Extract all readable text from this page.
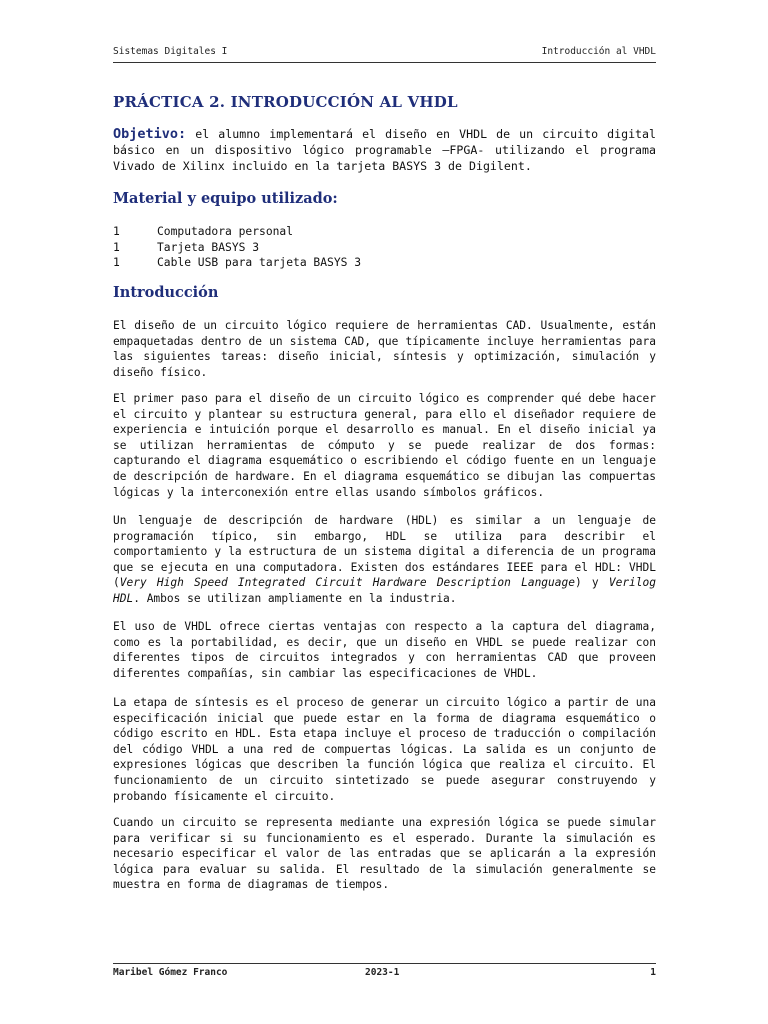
Sistemas Digitales I	Introducción al VHDL
PRÁCTICA 2. INTRODUCCIÓN AL VHDL
Objetivo: el alumno implementará el diseño en VHDL de un circuito digital básico en un dispositivo lógico programable –FPGA- utilizando el programa Vivado de Xilinx incluido en la tarjeta BASYS 3 de Digilent.
Material y equipo utilizado:
1	Computadora personal
1	Tarjeta BASYS 3
1	Cable USB para tarjeta BASYS 3
Introducción

El diseño de un circuito lógico requiere de herramientas CAD. Usualmente, están empaquetadas dentro de un sistema CAD, que típicamente incluye herramientas para las siguientes tareas: diseño inicial, síntesis y optimización, simulación y diseño físico.

El primer paso para el diseño de un circuito lógico es comprender qué debe hacer el circuito y plantear su estructura general, para ello el diseñador requiere de experiencia e intuición porque el desarrollo es manual. En el diseño inicial ya se utilizan herramientas de cómputo y se puede realizar de dos formas: capturando el diagrama esquemático o escribiendo el código fuente en un lenguaje de descripción de hardware. En el diagrama esquemático se dibujan las compuertas lógicas y la interconexión entre ellas usando símbolos gráficos.

Un lenguaje de descripción de hardware (HDL) es similar a un lenguaje de programación típico, sin embargo, HDL se utiliza para describir el comportamiento y la estructura de un sistema digital a diferencia de un programa que se ejecuta en una computadora. Existen dos estándares IEEE para el HDL: VHDL (Very High Speed Integrated Circuit Hardware Description Language) y Verilog HDL. Ambos se utilizan ampliamente en la industria.

El uso de VHDL ofrece ciertas ventajas con respecto a la captura del diagrama, como es la portabilidad, es decir, que un diseño en VHDL se puede realizar con diferentes tipos de circuitos integrados y con herramientas CAD que proveen diferentes compañías, sin cambiar las especificaciones de VHDL.

La etapa de síntesis es el proceso de generar un circuito lógico a partir de una especificación inicial que puede estar en la forma de diagrama esquemático o código escrito en HDL. Esta etapa incluye el proceso de traducción o compilación del código VHDL a una red de compuertas lógicas. La salida es un conjunto de expresiones lógicas que describen la función lógica que realiza el circuito. El funcionamiento de un circuito sintetizado se puede asegurar construyendo y probando físicamente el circuito.

Cuando un circuito se representa mediante una expresión lógica se puede simular para verificar si su funcionamiento es el esperado. Durante la simulación es necesario especificar el valor de las entradas que se aplicarán a la expresión lógica para evaluar su salida. El resultado de la simulación generalmente se muestra en forma de diagramas de tiempos.

Maribel Gómez Franco	2023-1	1
